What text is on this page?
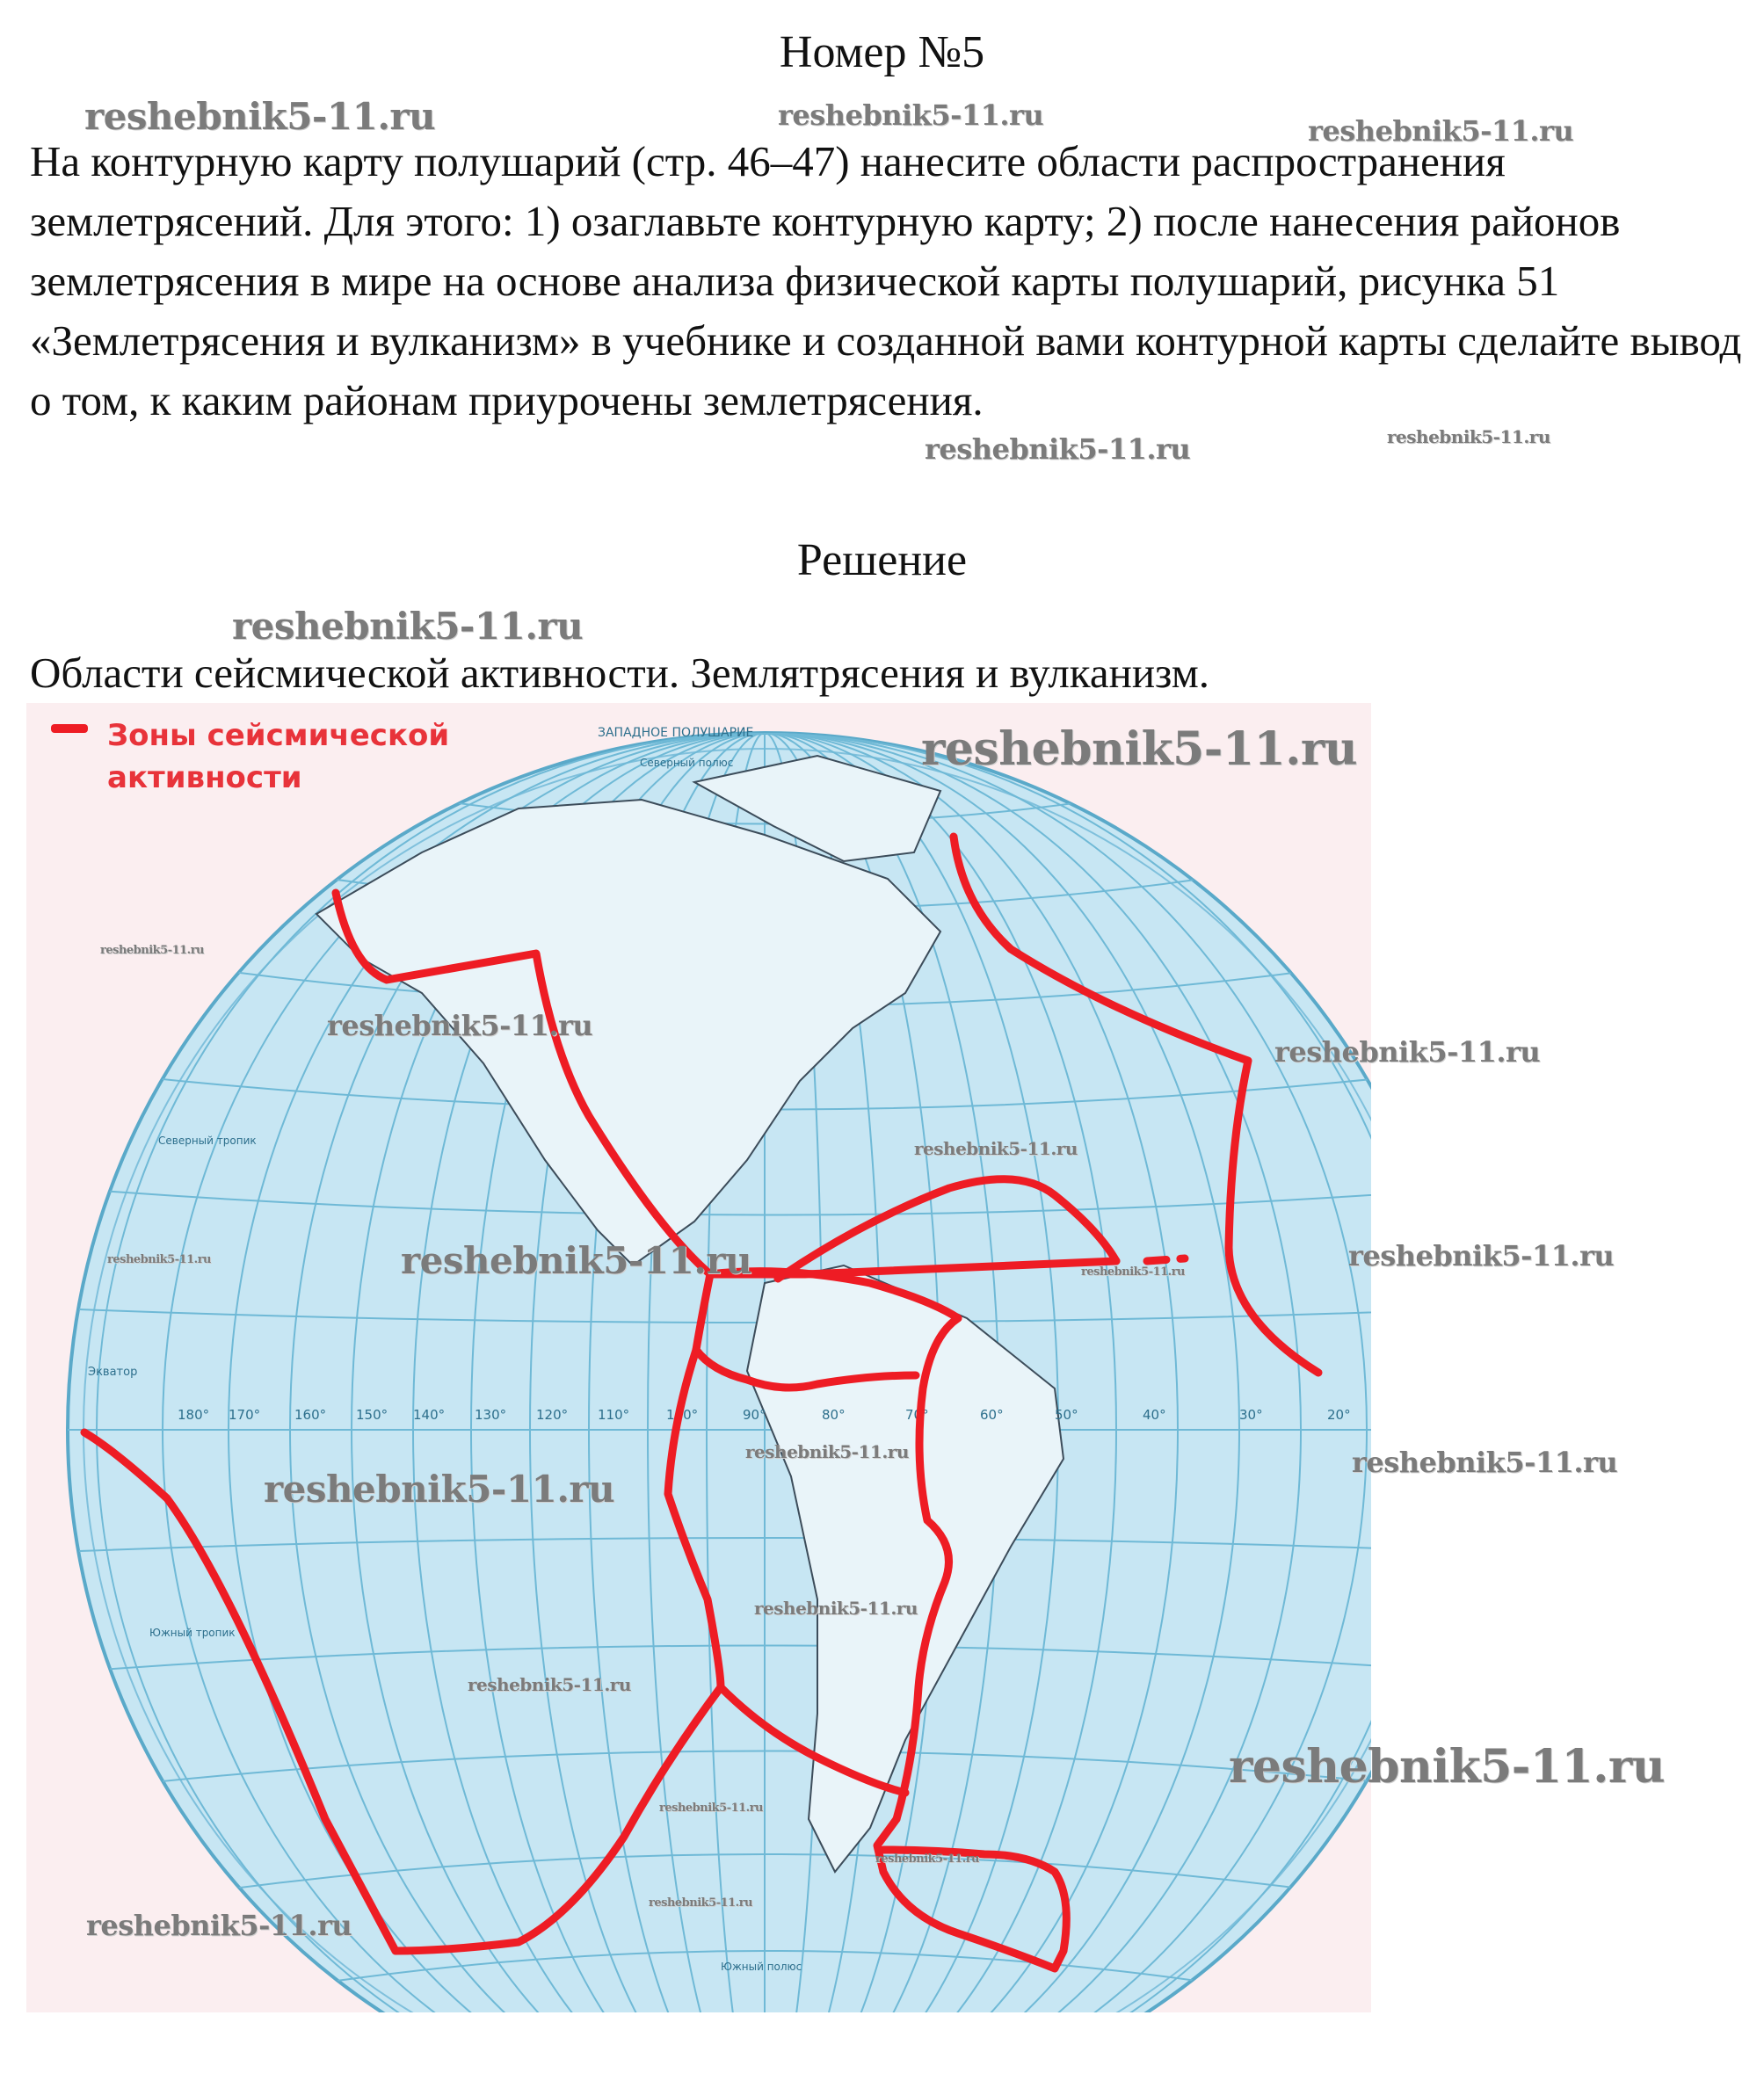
Номер №5

На контурную карту полушарий (стр. 46–47) нанесите области распространения землетрясений. Для этого: 1) озаглавьте контурную карту; 2) после нанесения районов землетрясения в мире на основе анализа физической карты полушарий, рисунка 51 «Землетрясения и вулканизм» в учебнике и созданной вами контурной карты сделайте вывод о том, к каким районам приурочены землетрясения.

Решение

Области сейсмической активности. Землятрясения и вулканизм.

180° 170°	160° 150° 140° 130° 120° 110°	100°	90°	80°	70°	60°	50°	40°	30°	20°
ЗАПАДНОЕ ПОЛУШАРИЕ
Северный полюс
Южный полюс
Экватор
Северный тропик
Южный тропик
Зоны сейсмической
активности
reshebnik5-11.ru	reshebnik5-11.ru	reshebnik5-11.ru
reshebnik5-11.ru	reshebnik5-11.ru
reshebnik5-11.ru
reshebnik5-11.ru
reshebnik5-11.ru
reshebnik5-11.ru
reshebnik5-11.ru
reshebnik5-11.ru
reshebnik5-11.ru
reshebnik5-11.ru
reshebnik5-11.ru	reshebnik5-11.ru
reshebnik5-11.ru	reshebnik5-11.ru
reshebnik5-11.ru
reshebnik5-11.ru
reshebnik5-11.ru
reshebnik5-11.ru
reshebnik5-11.ru
reshebnik5-11.ru
reshebnik5-11.ru
reshebnik5-11.ru
